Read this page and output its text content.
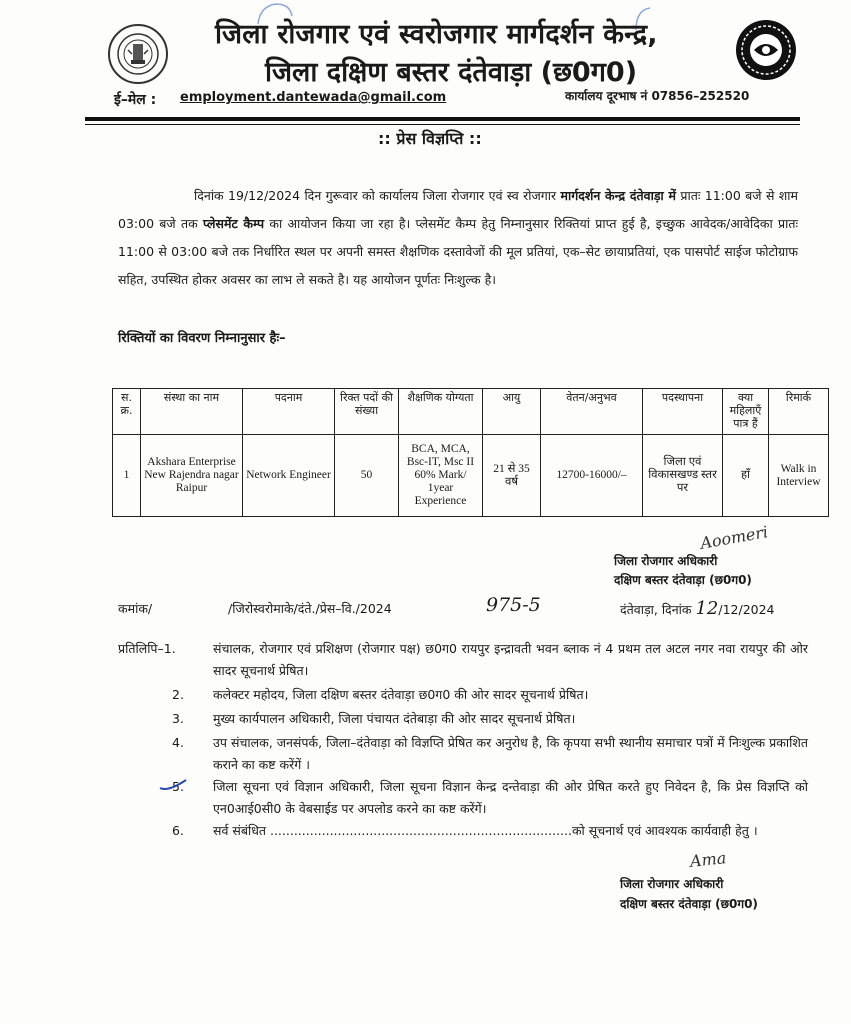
जिला रोजगार एवं स्वरोजगार मार्गदर्शन केन्द्र,
जिला दक्षिण बस्तर दंतेवाड़ा (छ0ग0)
ई–मेल : employment.dantewada@gmail.com	कार्यालय दूरभाष नं 07856–252520
:: प्रेस विज्ञप्ति ::
दिनांक 19/12/2024 दिन गुरूवार को कार्यालय जिला रोजगार एवं स्व रोजगार मार्गदर्शन केन्द्र दंतेवाड़ा में प्रातः 11:00 बजे से शाम 03:00 बजे तक प्लेसमेंट कैम्प का आयोजन किया जा रहा है। प्लेसमेंट कैम्प हेतु निम्नानुसार रिक्तियां प्राप्त हुई है, इच्छुक आवेदक/आवेदिका प्रातः 11:00 से 03:00 बजे तक निर्धारित स्थल पर अपनी समस्त शैक्षणिक दस्तावेजों की मूल प्रतियां, एक–सेट छायाप्रतियां, एक पासपोर्ट साईज फोटोग्राफ सहित, उपस्थित होकर अवसर का लाभ ले सकते है। यह आयोजन पूर्णतः निःशुल्क है।
रिक्तियों का विवरण निम्नानुसार हैः–
स. क्र.	संस्था का नाम	पदनाम	रिक्त पदों की संख्या	शैक्षणिक योग्यता	आयु	वेतन/अनुभव	पदस्थापना	क्या महिलाएँ पात्र हैं	रिमार्क
1	Akshara Enterprise New Rajendra nagar Raipur	Network Engineer	50	BCA, MCA, Bsc-IT, Msc II 60% Mark/ 1year Experience	21 से 35 वर्ष	12700-16000/–	जिला एवं विकासखण्ड स्तर पर	हॉं	Walk in Interview
Aoomeri
जिला रोजगार अधिकारी
दक्षिण बस्तर दंतेवाड़ा (छ0ग0)
कमांक/	/जिरोस्वरोमाके/दंते./प्रेस–वि./2024	975-5	दंतेवाड़ा, दिनांक 12/12/2024
प्रतिलिपि–1.	संचालक, रोजगार एवं प्रशिक्षण (रोजगार पक्ष) छ0ग0 रायपुर इन्द्रावती भवन ब्लाक नं 4 प्रथम तल अटल नगर नवा रायपुर की ओर सादर सूचनार्थ प्रेषित।
2. कलेक्टर महोदय, जिला दक्षिण बस्तर दंतेवाड़ा छ0ग0 की ओर सादर सूचनार्थ प्रेषित।
3. मुख्य कार्यपालन अधिकारी, जिला पंचायत दंतेबाड़ा की ओर सादर सूचनार्थ प्रेषित।
4. उप संचालक, जनसंपर्क, जिला–दंतेवाड़ा को विज्ञप्ति प्रेषित कर अनुरोध है, कि कृपया सभी स्थानीय समाचार पत्रों में निःशुल्क प्रकाशित कराने का कष्ट करेंगें ।
5. जिला सूचना एवं विज्ञान अधिकारी, जिला सूचना विज्ञान केन्द्र दन्तेवाड़ा की ओर प्रेषित करते हुए निवेदन है, कि प्रेस विज्ञप्ति को एन0आई0सी0 के वेबसाईड पर अपलोड करने का कष्ट करेंगें।
6. सर्व संबंधित ............................................................................को सूचनार्थ एवं आवश्यक कार्यवाही हेतु ।
Ama
जिला रोजगार अधिकारी
दक्षिण बस्तर दंतेवाड़ा (छ0ग0)
